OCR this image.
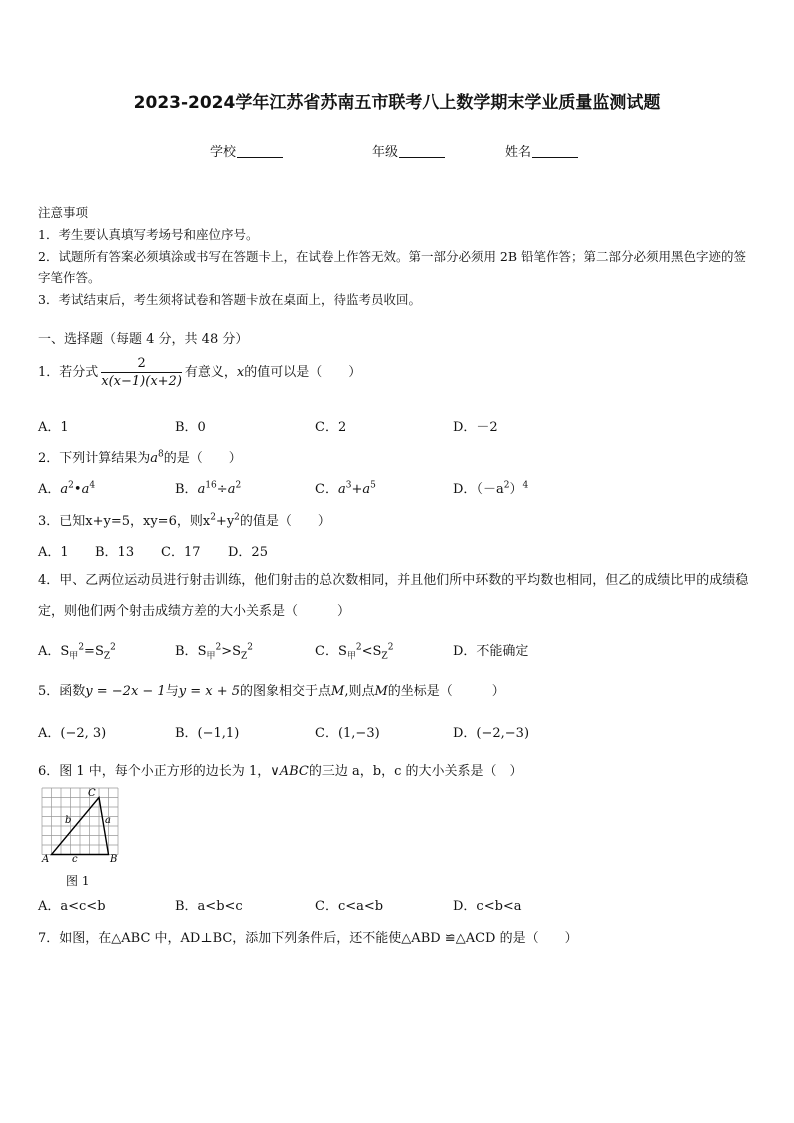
2023-2024学年江苏省苏南五市联考八上数学期末学业质量监测试题
学校	年级	姓名
注意事项
1．考生要认真填写考场号和座位序号。
2．试题所有答案必须填涂或书写在答题卡上，在试卷上作答无效。第一部分必须用 2B 铅笔作答；第二部分必须用黑色字迹的签字笔作答。
3．考试结束后，考生须将试卷和答题卡放在桌面上，待监考员收回。
一、选择题（每题 4 分，共 48 分）
1．若分式 $\frac{2}{x(x-1)(x+2)}$ 有意义，x的值可以是（　　）
A．1	B．0	C．2	D．－2
2．下列计算结果为$a^8$的是（　　）
A．$a^2•a^4$	B．$a^{16}\div a^2$	C．$a^3+a^5$	D．$(-a^2)^4$
3．已知x+y=5，xy=6，则$x^2+y^2$的值是（　　）
A．1 B．13 C．17 D．25
4．甲、乙两位运动员进行射击训练，他们射击的总次数相同，并且他们所中环数的平均数也相同，但乙的成绩比甲的成绩稳定，则他们两个射击成绩方差的大小关系是（　　　）
A．$S_甲^2=S_Z^2$	B．$S_甲^2>S_Z^2$	C．$S_甲^2<S_Z^2$	D．不能确定
5．函数y = −2x − 1与y = x + 5的图象相交于点M,则点M的坐标是（　　　）
A．(−2, 3)	B．(−1,1)	C．(1,−3)	D．(−2,−3)
6．图 1 中，每个小正方形的边长为 1，∨ABC的三边 a，b，c 的大小关系是（　）
A	B
C
a
b
c
图 1
A．a<c<b	B．a<b<c	C．c<a<b	D．c<b<a
7．如图，在△ABC 中，AD⊥BC，添加下列条件后，还不能使△ABD ≌△ACD 的是（　　）
